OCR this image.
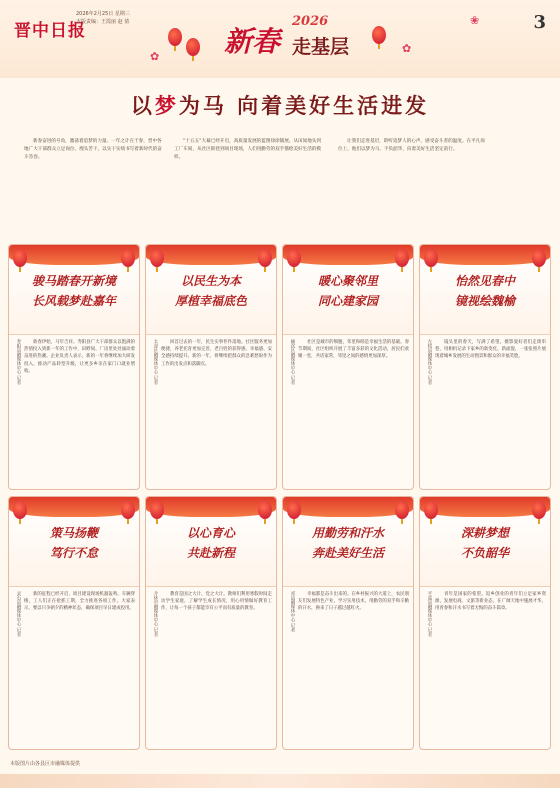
晋中日报
2026年2月25日 星期三
本版责编：王霞丽 赵 倩
✿
✿
❀
新春
2026
走基层
3
以梦为马 向着美好生活进发

新春奋进的号角，激荡着追梦的力量。一年之计在于春，晋中各地广大干部群众立足岗位、埋头苦干，以实干实绩书写着新时代的奋斗答卷。

“十五五”大幕已经开启，高质量发展的蓝图徐徐铺展。从田间地头到工厂车间，从社区街巷到项目现场，人们用勤劳的双手描绘美好生活的模样。

让我们走进基层，聆听追梦人的心声，感受奋斗者的温度。在平凡岗位上，他们以梦为马、不负韶华，向着美好生活坚定前行。

骏马踏春开新境
长风载梦赴嘉年
寿阳县融媒体中心 记者	新春伊始，马年吉祥。寿阳县广大干部群众以饱满的热情投入到新一年的工作中，田野间、厂房里处处涌动着奋进的热潮。企业负责人表示，新的一年将继续加大研发投入，推动产品转型升级，让更多乡亲在家门口就业增收。

以民生为本
厚植幸福底色
太谷区融媒体中心 记者	回首过去的一年，民生实事件件落地。社区服务更加便捷，养老托育更加完善，老百姓的获得感、幸福感、安全感持续提升。新的一年，将继续把群众的急难愁盼作为工作的出发点和落脚点。

暖心聚邻里
同心建家园
榆次区融媒体中心 记者	社区是城市的细胞，邻里和睦是幸福生活的基础。春节期间，社区组织开展了丰富多彩的文化活动，居民们欢聚一堂，共话家常，邻里之间的感情更加深厚。

怡然见春中
镜视绘魏榆
左权县融媒体中心 记者	镜头里的春天，写满了希望。摄影爱好者们走街串巷，用相机记录下家乡的新变化、新面貌，一张张照片展现着城乡发展的生动图景和群众的幸福笑脸。

策马扬鞭
笃行不怠
灵石县融媒体中心 记者	新的征程已经开启，项目建设现场机器轰鸣、车辆穿梭，工人们正在抢抓工期，全力推进各项工作。大家表示，要以只争朝夕的精神状态，确保项目早日建成投用。

以心育心
共赴新程
介休市融媒体中心 记者	教育是国之大计、党之大计。教师们利用寒假时间走访学生家庭，了解学生成长情况，用心用情做好教育工作，让每一个孩子都能享有公平而有质量的教育。

用勤劳和汗水
奔赴美好生活
祁县融媒体中心 记者	幸福都是奋斗出来的。在乡村振兴的大道上，农民朋友们发展特色产业，学习实用技术，用勤劳的双手和辛勤的汗水，换来了日子越过越红火。

深耕梦想
不负韶华
平遥县融媒体中心 记者	青年是国家的希望。返乡创业的青年们立足家乡资源，发展电商、文旅等新业态，在广阔天地中施展才华，用青春和汗水书写着无悔的奋斗篇章。

本版图片由各县区市融媒体提供
